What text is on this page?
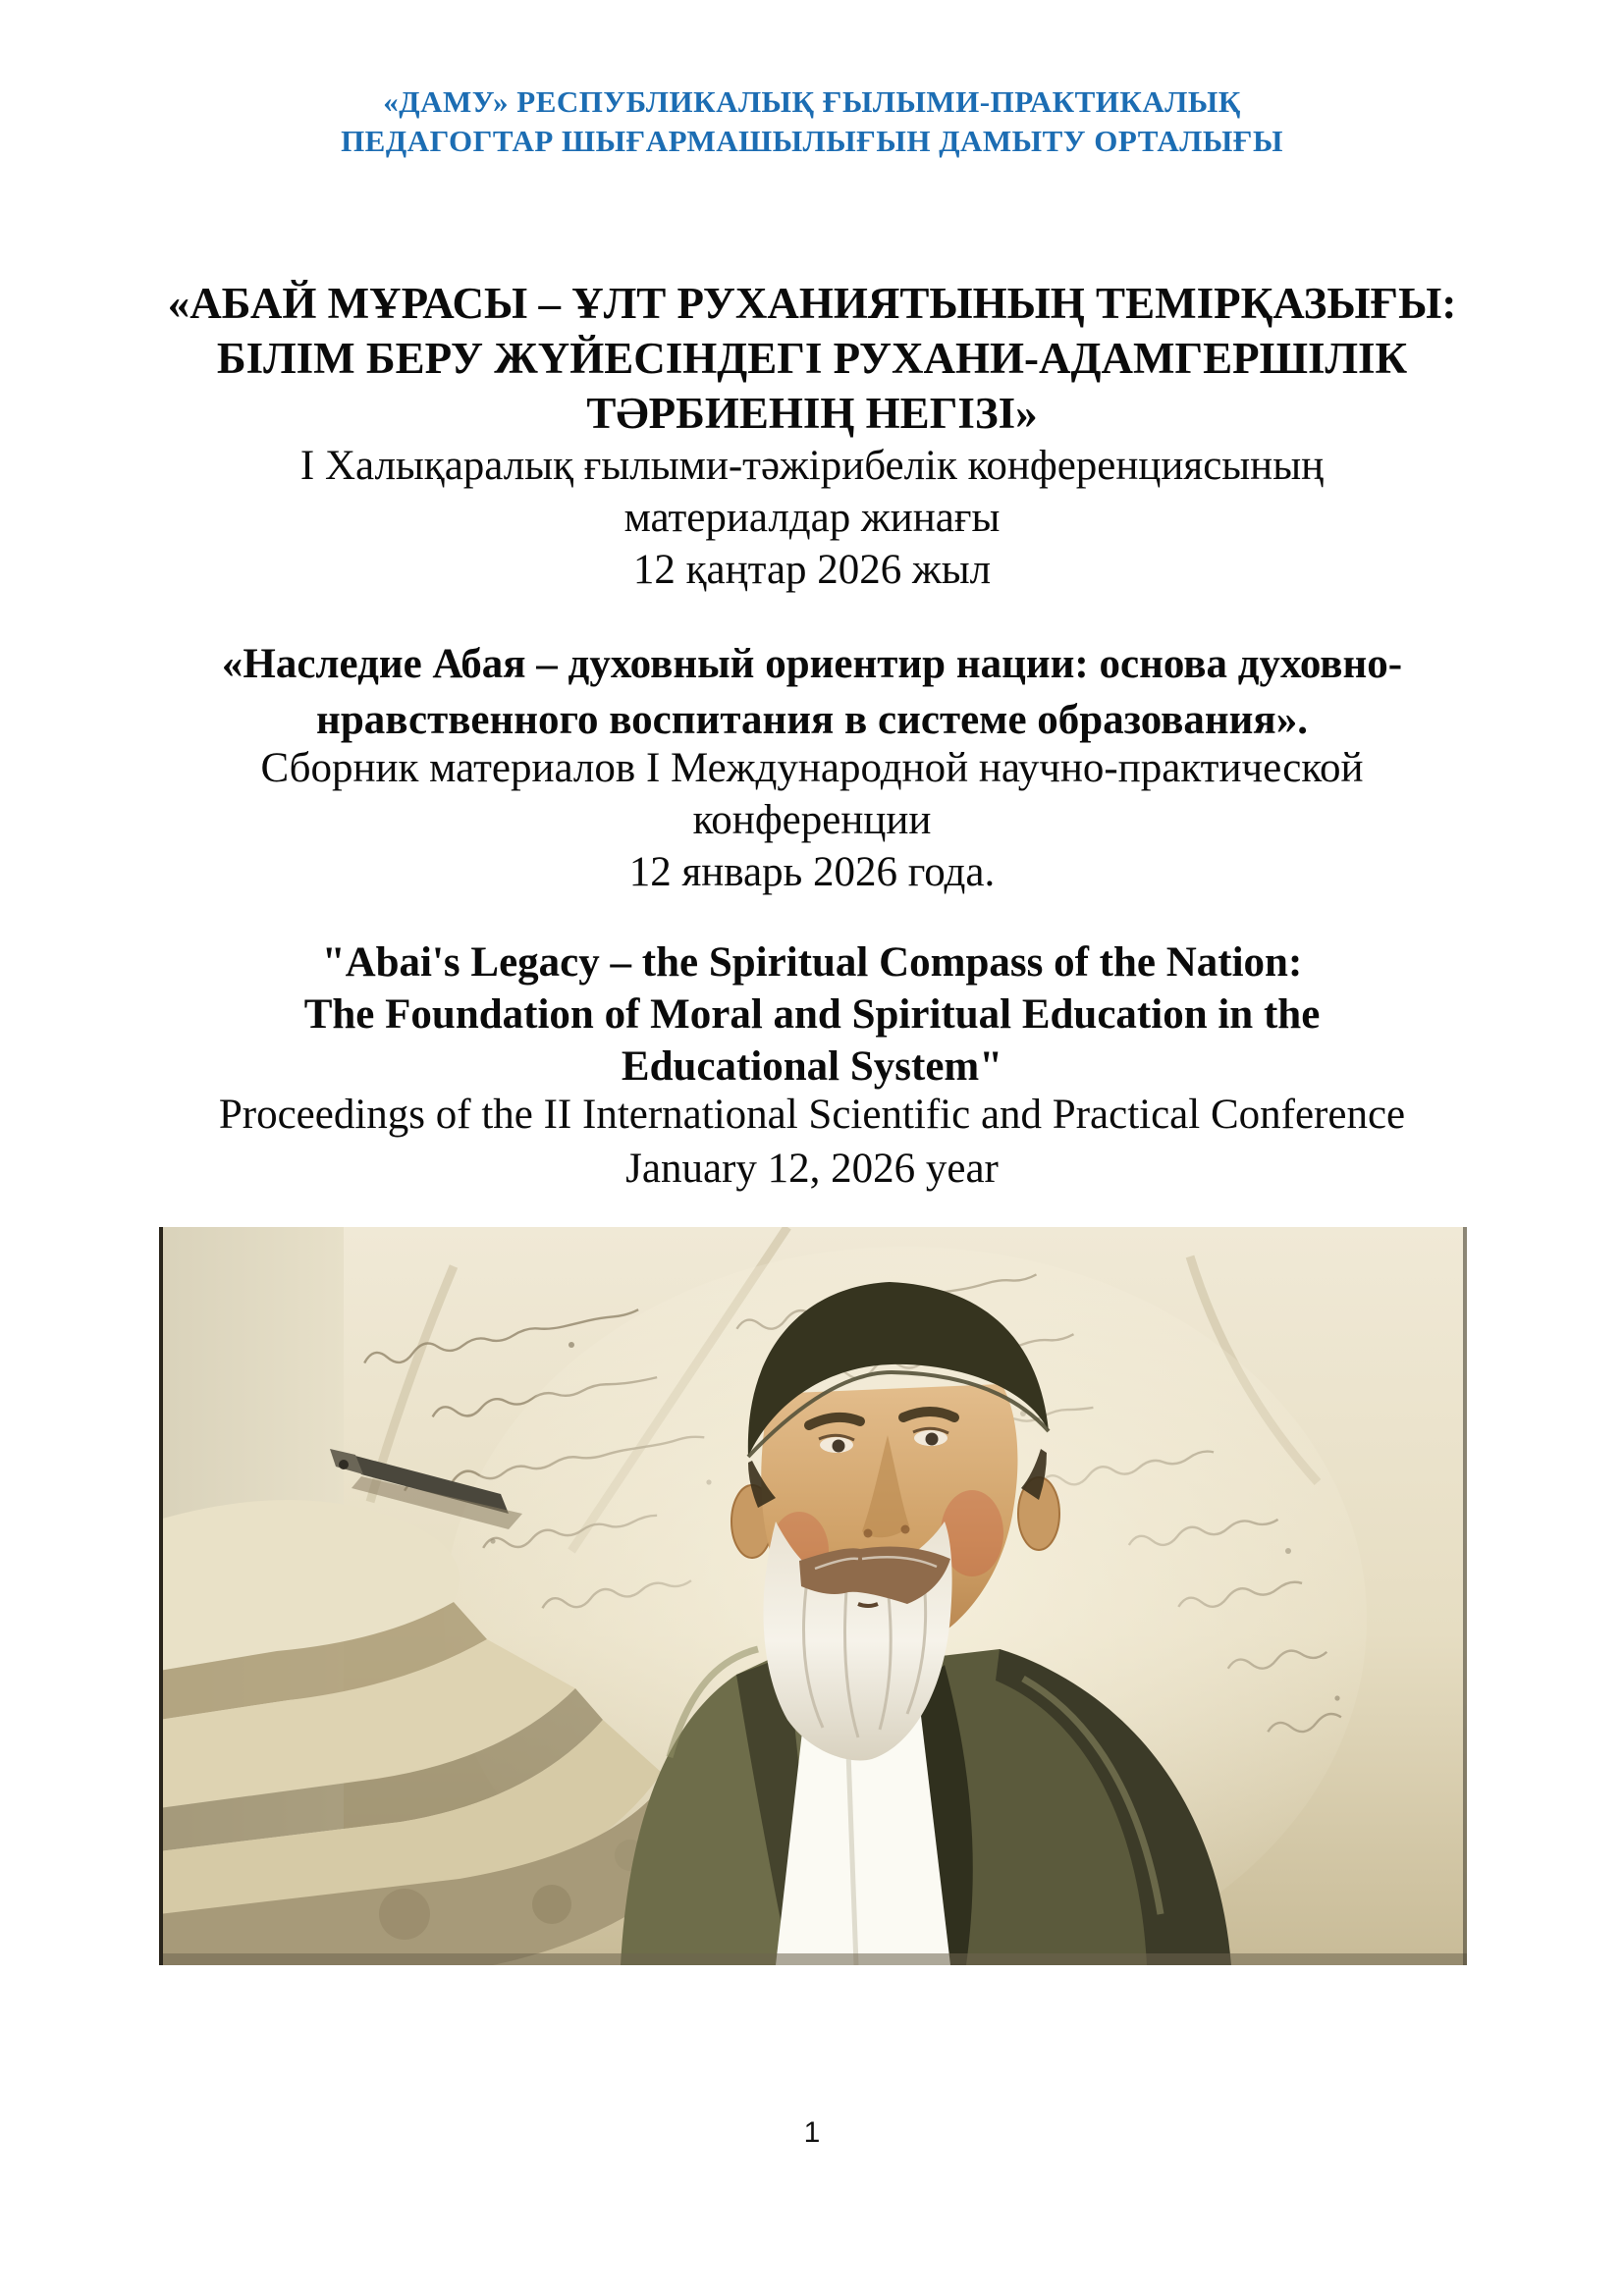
«ДАМУ» РЕСПУБЛИКАЛЫҚ ҒЫЛЫМИ-ПРАКТИКАЛЫҚ
ПЕДАГОГТАР ШЫҒАРМАШЫЛЫҒЫН ДАМЫТУ ОРТАЛЫҒЫ
«АБАЙ МҰРАСЫ – ҰЛТ РУХАНИЯТЫНЫҢ ТЕМІРҚАЗЫҒЫ:
БІЛІМ БЕРУ ЖҮЙЕСІНДЕГІ РУХАНИ-АДАМГЕРШІЛІК
ТӘРБИЕНІҢ НЕГІЗІ»
І Халықаралық ғылыми-тәжірибелік конференциясының
материалдар жинағы
12 қаңтар 2026 жыл
«Наследие Абая – духовный ориентир нации: основа духовно-
нравственного воспитания в системе образования».
Сборник материалов І Международной научно-практической
конференции
12 январь 2026 года.
"Abai's Legacy – the Spiritual Compass of the Nation:
The Foundation of Moral and Spiritual Education in the
Educational System"
Proceedings of the II International Scientific and Practical Conference
January 12, 2026 year
1
